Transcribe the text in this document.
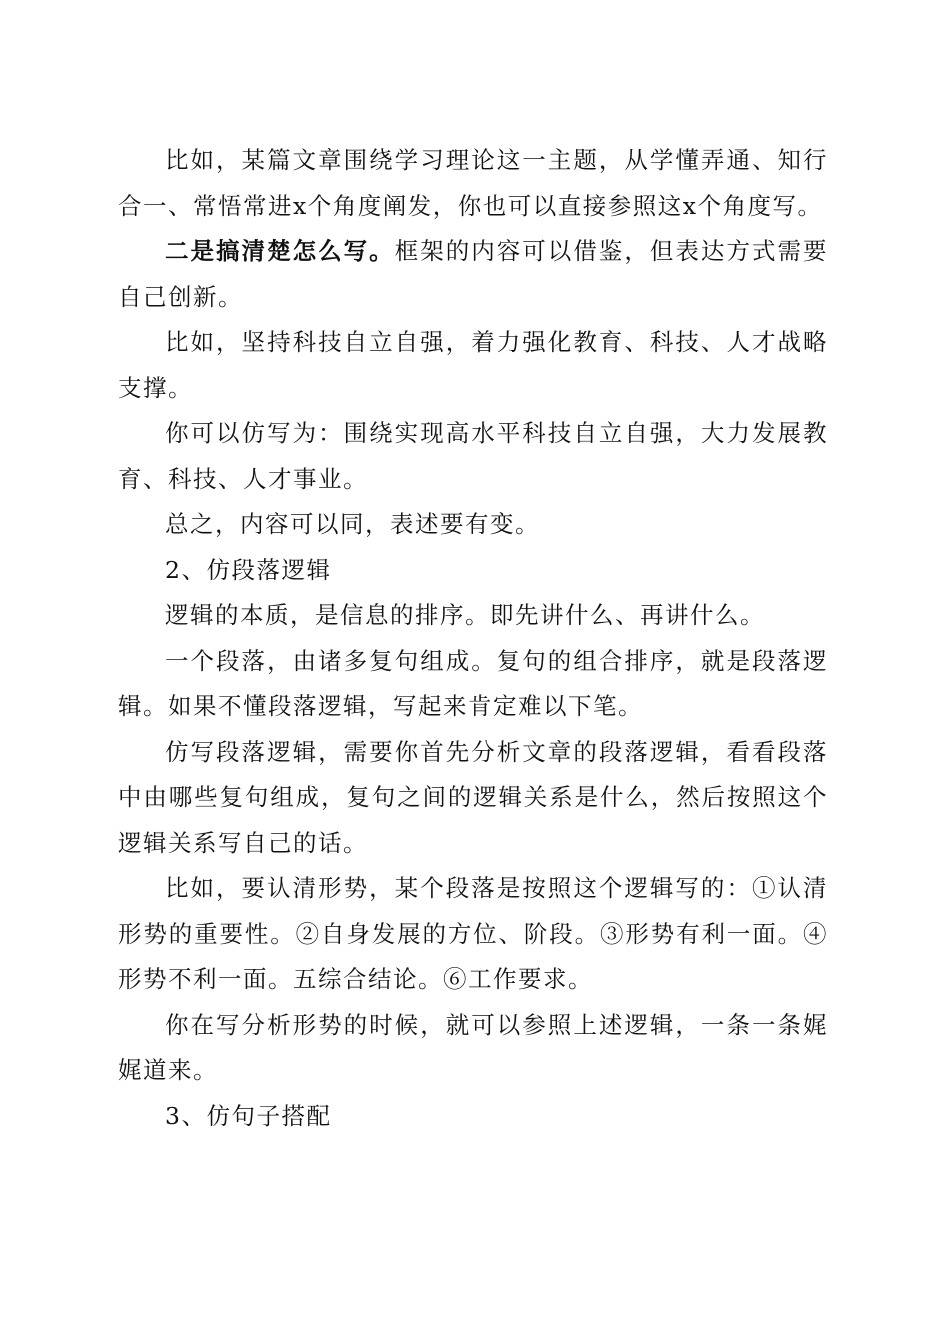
比如，某篇文章围绕学习理论这一主题，从学懂弄通、知行合一、常悟常进x个角度阐发，你也可以直接参照这x个角度写。

二是搞清楚怎么写。框架的内容可以借鉴，但表达方式需要自己创新。

比如，坚持科技自立自强，着力强化教育、科技、人才战略支撑。

你可以仿写为：围绕实现高水平科技自立自强，大力发展教育、科技、人才事业。

总之，内容可以同，表述要有变。

2、仿段落逻辑

逻辑的本质，是信息的排序。即先讲什么、再讲什么。

一个段落，由诸多复句组成。复句的组合排序，就是段落逻辑。如果不懂段落逻辑，写起来肯定难以下笔。

仿写段落逻辑，需要你首先分析文章的段落逻辑，看看段落中由哪些复句组成，复句之间的逻辑关系是什么，然后按照这个逻辑关系写自己的话。

比如，要认清形势，某个段落是按照这个逻辑写的：①认清形势的重要性。②自身发展的方位、阶段。③形势有利一面。④形势不利一面。五综合结论。⑥工作要求。

你在写分析形势的时候，就可以参照上述逻辑，一条一条娓娓道来。

3、仿句子搭配
